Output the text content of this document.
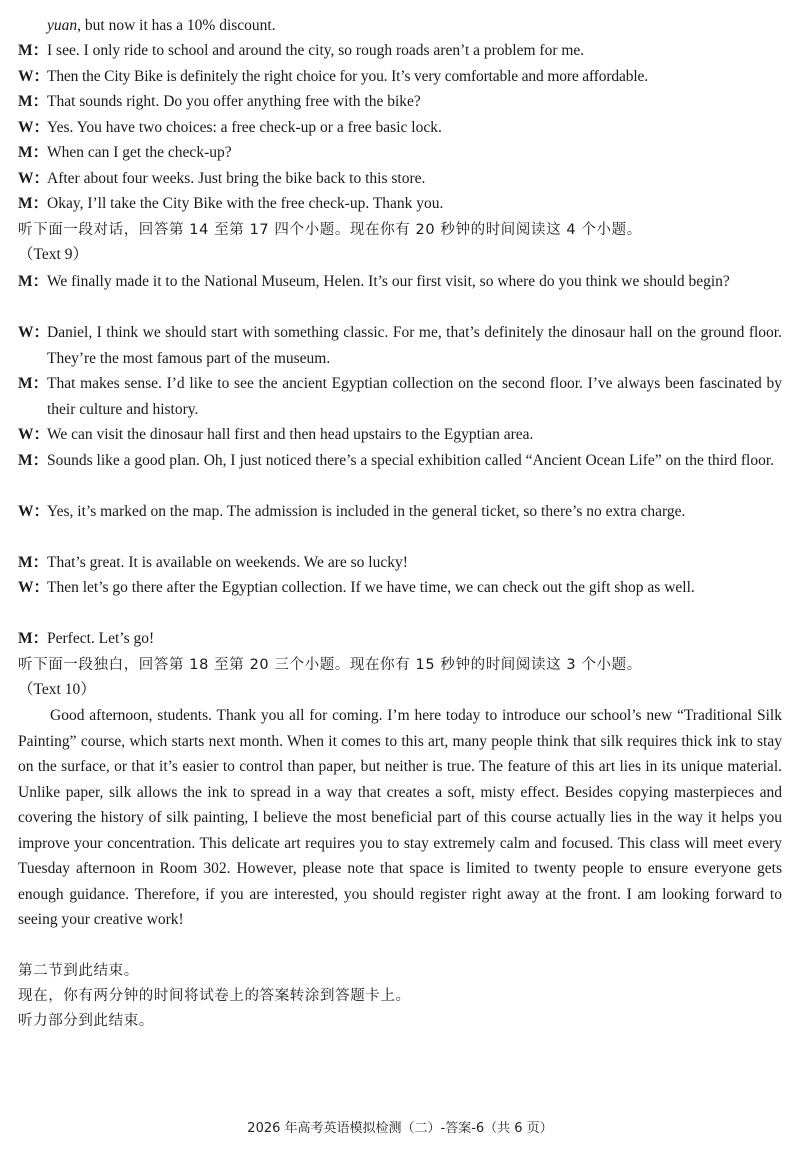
yuan, but now it has a 10% discount.
M：
I see. I only ride to school and around the city, so rough roads aren’t a problem for me.
W：
Then the City Bike is definitely the right choice for you. It’s very comfortable and more affordable.
M：
That sounds right. Do you offer anything free with the bike?
W：
Yes. You have two choices: a free check-up or a free basic lock.
M：
When can I get the check-up?
W：
After about four weeks. Just bring the bike back to this store.
M：
Okay, I’ll take the City Bike with the free check-up. Thank you.
听下面一段对话，回答第 14 至第 17 四个小题。现在你有 20 秒钟的时间阅读这 4 个小题。
（Text 9）
M：
We finally made it to the National Museum, Helen. It’s our first visit, so where do you think we should begin?
W：
Daniel, I think we should start with something classic. For me, that’s definitely the dinosaur hall on the ground floor. They’re the most famous part of the museum.
M：
That makes sense. I’d like to see the ancient Egyptian collection on the second floor. I’ve always been fascinated by their culture and history.
W：
We can visit the dinosaur hall first and then head upstairs to the Egyptian area.
M：
Sounds like a good plan. Oh, I just noticed there’s a special exhibition called “Ancient Ocean Life” on the third floor.
W：
Yes, it’s marked on the map. The admission is included in the general ticket, so there’s no extra charge.
M：
That’s great. It is available on weekends. We are so lucky!
W：
Then let’s go there after the Egyptian collection. If we have time, we can check out the gift shop as well.
M：
Perfect. Let’s go!
听下面一段独白，回答第 18 至第 20 三个小题。现在你有 15 秒钟的时间阅读这 3 个小题。
（Text 10）
Good afternoon, students. Thank you all for coming. I’m here today to introduce our school’s new “Traditional Silk Painting” course, which starts next month. When it comes to this art, many people think that silk requires thick ink to stay on the surface, or that it’s easier to control than paper, but neither is true. The feature of this art lies in its unique material. Unlike paper, silk allows the ink to spread in a way that creates a soft, misty effect. Besides copying masterpieces and covering the history of silk painting, I believe the most beneficial part of this course actually lies in the way it helps you improve your concentration. This delicate art requires you to stay extremely calm and focused. This class will meet every Tuesday afternoon in Room 302. However, please note that space is limited to twenty people to ensure everyone gets enough guidance. Therefore, if you are interested, you should register right away at the front. I am looking forward to seeing your creative work!
第二节到此结束。
现在，你有两分钟的时间将试卷上的答案转涂到答题卡上。
听力部分到此结束。
2026 年高考英语模拟检测（二）-答案-6（共 6 页）
